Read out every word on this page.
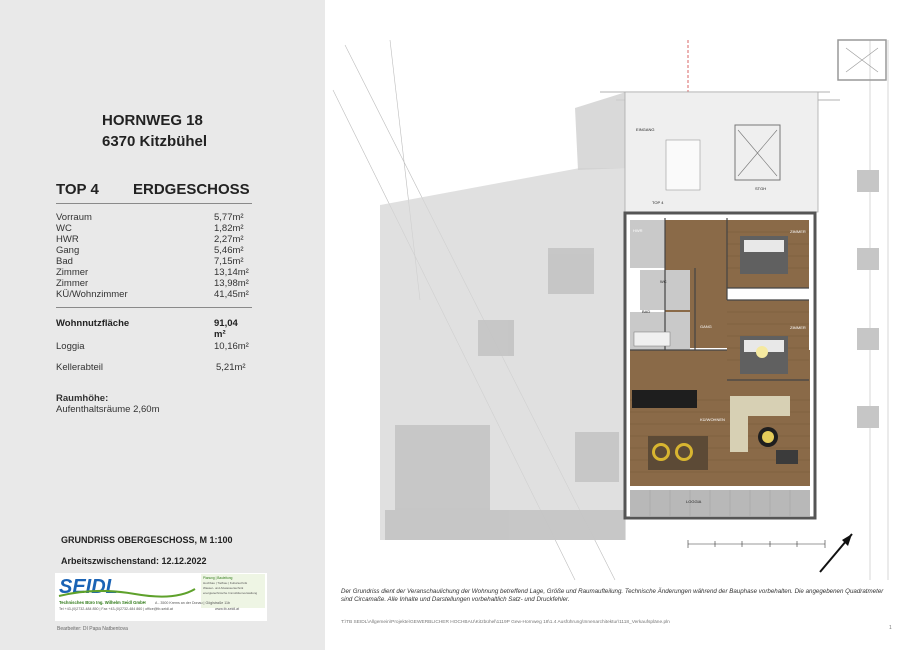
HORNWEG 18
6370 Kitzbühel
TOP 4 ERDGESCHOSS
Vorraum	5,77m²
WC	1,82m²
HWR	2,27m²
Gang	5,46m²
Bad	7,15m²
Zimmer	13,14m²
Zimmer	13,98m²
KÜ/Wohnzimmer	41,45m²
Wohnnutzfläche	91,04 m²
Loggia	10,16m²
Kellerabteil	5,21m²
Raumhöhe:
Aufenthaltsräume 2,60m
GRUNDRISS OBERGESCHOSS, M 1:100
Arbeitszwischenstand: 12.12.2022
SEIDL	Planung | Bauleitung
Hochbau | Tiefbau | Kulturtechnik
Wasser- und Abwassertechnik
energietechnische Immobilienverwaltung
Technisches Büro Ing. Wilhelm Seidl GmbH	A - 3500 Krems an der Donau | Göglstraße 11b
Tel +43-(0)2732-484 850 | Fax +43-(0)2732-484 860 | office@tb-seidl.at	www.tb-seidl.at
Bearbeiter: DI Papa Natbentova
EINGANG
STGH
HWR
WC
BAD
GANG
ZIMMER
ZIMMER
KÜ/WOHNEN
LOGGIA
TOP 4
Der Grundriss dient der Veranschaulichung der Wohnung betreffend Lage, Größe und Raumaufteilung. Technische Änderungen während der Bauphase vorbehalten. Die angegebenen Quadratmeter sind Circamaße. Alle Inhalte und Darstellungen vorbehaltlich Satz- und Druckfehler.
T:\TB SEIDL\Allgemein\Projekte\GEWERBLICHER HOCHBAU\Kitzbühel\1119P Gew-Hornweg 18\1.4 Ausführung\Innenarchitektur\1118_Verkaufspläne.pln
1
